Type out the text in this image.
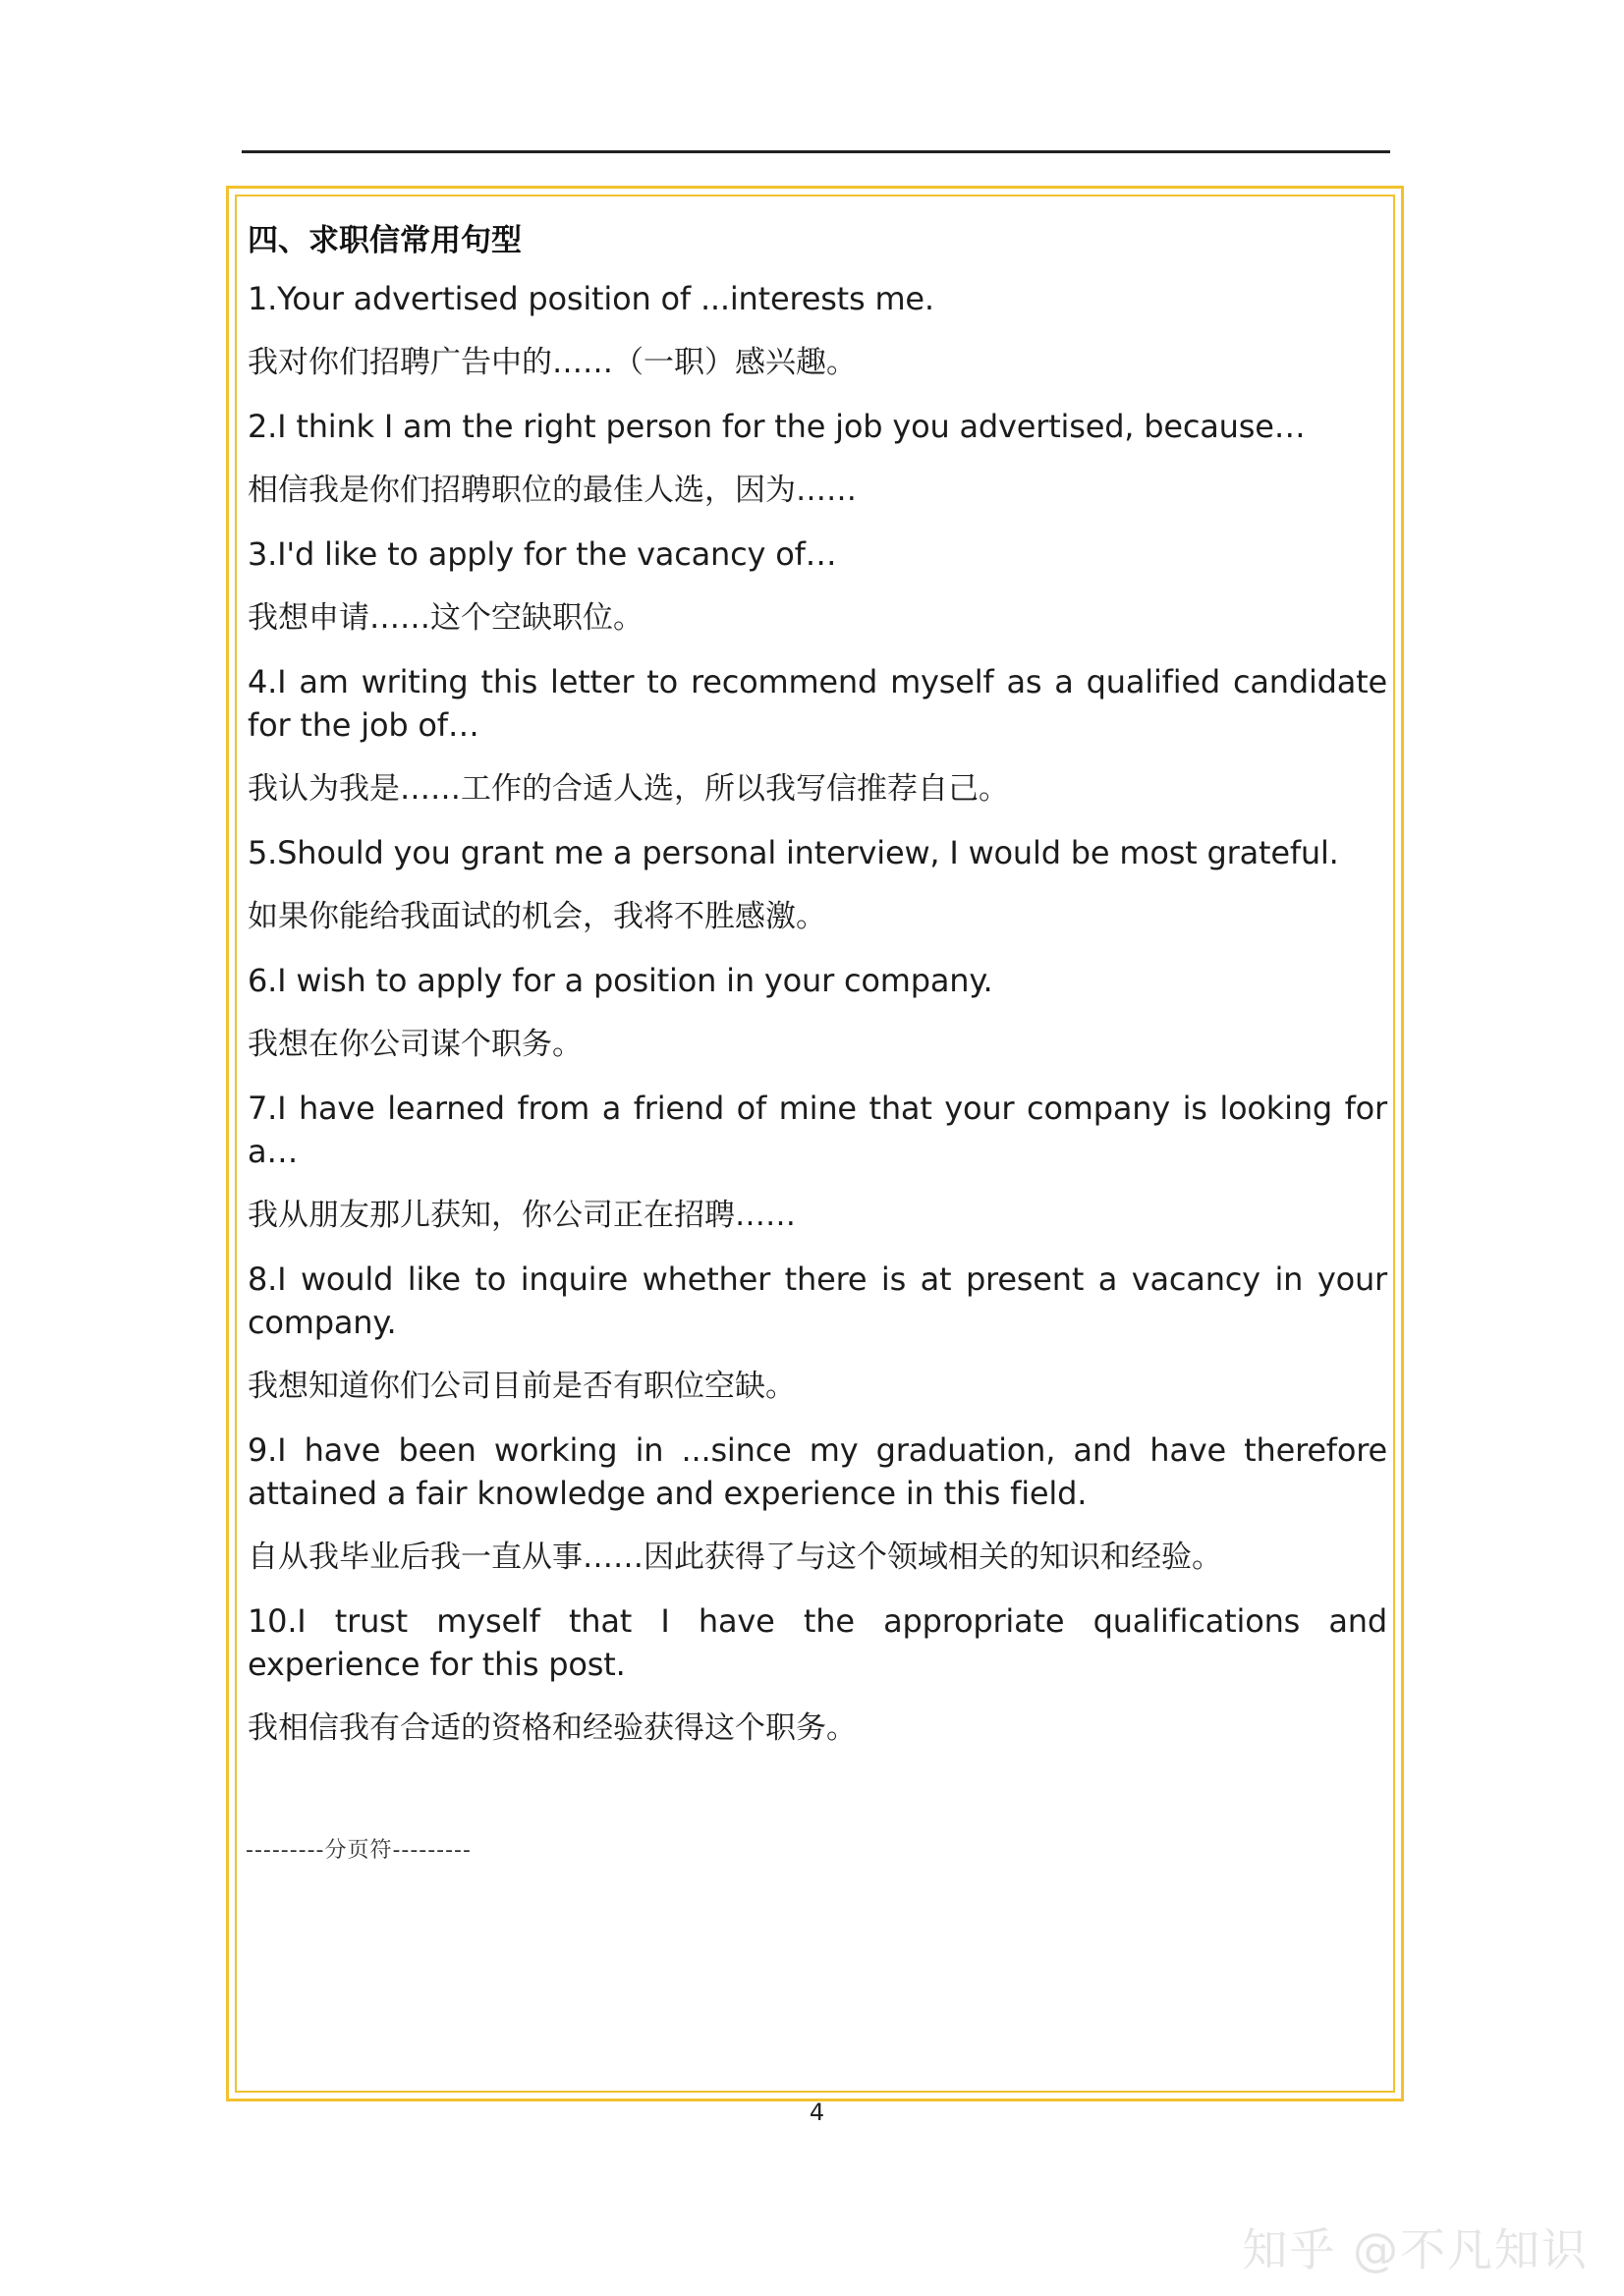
四、求职信常用句型

1.Your advertised position of ...interests me.

我对你们招聘广告中的……（一职）感兴趣。

2.I think I am the right person for the job you advertised, because…

相信我是你们招聘职位的最佳人选，因为……

3.I'd like to apply for the vacancy of…

我想申请……这个空缺职位。

4.I am writing this letter to recommend myself as a qualified candidate for the job of…

我认为我是……工作的合适人选，所以我写信推荐自己。

5.Should you grant me a personal interview, I would be most grateful.

如果你能给我面试的机会，我将不胜感激。

6.I wish to apply for a position in your company.

我想在你公司谋个职务。

7.I have learned from a friend of mine that your company is looking for a…

我从朋友那儿获知，你公司正在招聘……

8.I would like to inquire whether there is at present a vacancy in your company.

我想知道你们公司目前是否有职位空缺。

9.I have been working in ...since my graduation, and have therefore attained a fair knowledge and experience in this field.

自从我毕业后我一直从事……因此获得了与这个领域相关的知识和经验。

10.I trust myself that I have the appropriate qualifications and experience for this post.

我相信我有合适的资格和经验获得这个职务。

---------分页符---------
4
知乎 @不凡知识
